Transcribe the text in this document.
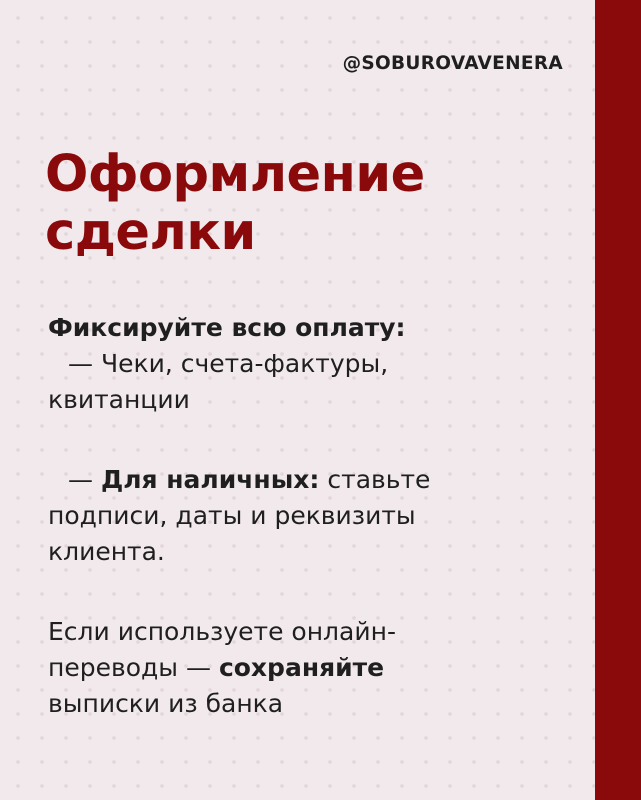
@SOBUROVAVENERA
Оформление
сделки

Фиксируйте всю оплату:

— Чеки, счета-фактуры,

квитанции

— Для наличных: ставьте

подписи, даты и реквизиты

клиента.

Если используете онлайн-

переводы — сохраняйте

выписки из банка
